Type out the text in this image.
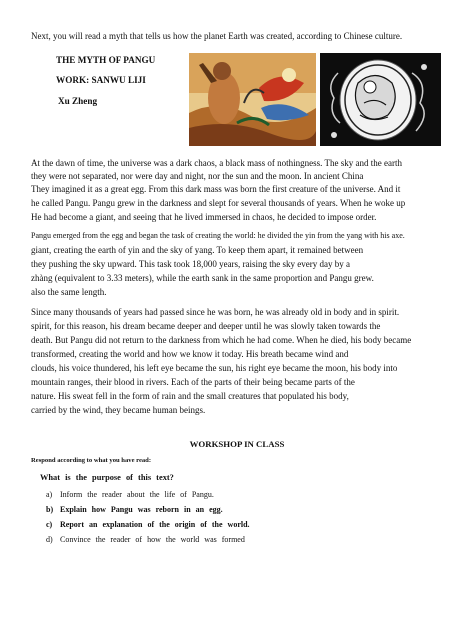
Next, you will read a myth that tells us how the planet Earth was created, according to Chinese culture.
THE MYTH OF PANGU
WORK: SANWU LIJI
Xu Zheng
At the dawn of time, the universe was a dark chaos, a black mass of nothingness. The sky and the earth
they were not separated, nor were day and night, nor the sun and the moon. In ancient China
They imagined it as a great egg. From this dark mass was born the first creature of the universe. And it
he called Pangu. Pangu grew in the darkness and slept for several thousands of years. When he woke up
He had become a giant, and seeing that he lived immersed in chaos, he decided to impose order.
Pangu emerged from the egg and began the task of creating the world: he divided the yin from the yang with his axe.
giant, creating the earth of yin and the sky of yang. To keep them apart, it remained between
they pushing the sky upward. This task took 18,000 years, raising the sky every day by a
zhàng (equivalent to 3.33 meters), while the earth sank in the same proportion and Pangu grew.
also the same length.
Since many thousands of years had passed since he was born, he was already old in body and in spirit.
spirit, for this reason, his dream became deeper and deeper until he was slowly taken towards the
death. But Pangu did not return to the darkness from which he had come. When he died, his body became
transformed, creating the world and how we know it today. His breath became wind and
clouds, his voice thundered, his left eye became the sun, his right eye became the moon, his body into
mountain ranges, their blood in rivers. Each of the parts of their being became parts of the
nature. His sweat fell in the form of rain and the small creatures that populated his body,
carried by the wind, they became human beings.
WORKSHOP IN CLASS
Respond according to what you have read:
What is the purpose of this text?
a) Inform the reader about the life of Pangu.
b) Explain how Pangu was reborn in an egg.
c) Report an explanation of the origin of the world.
d) Convince the reader of how the world was formed
